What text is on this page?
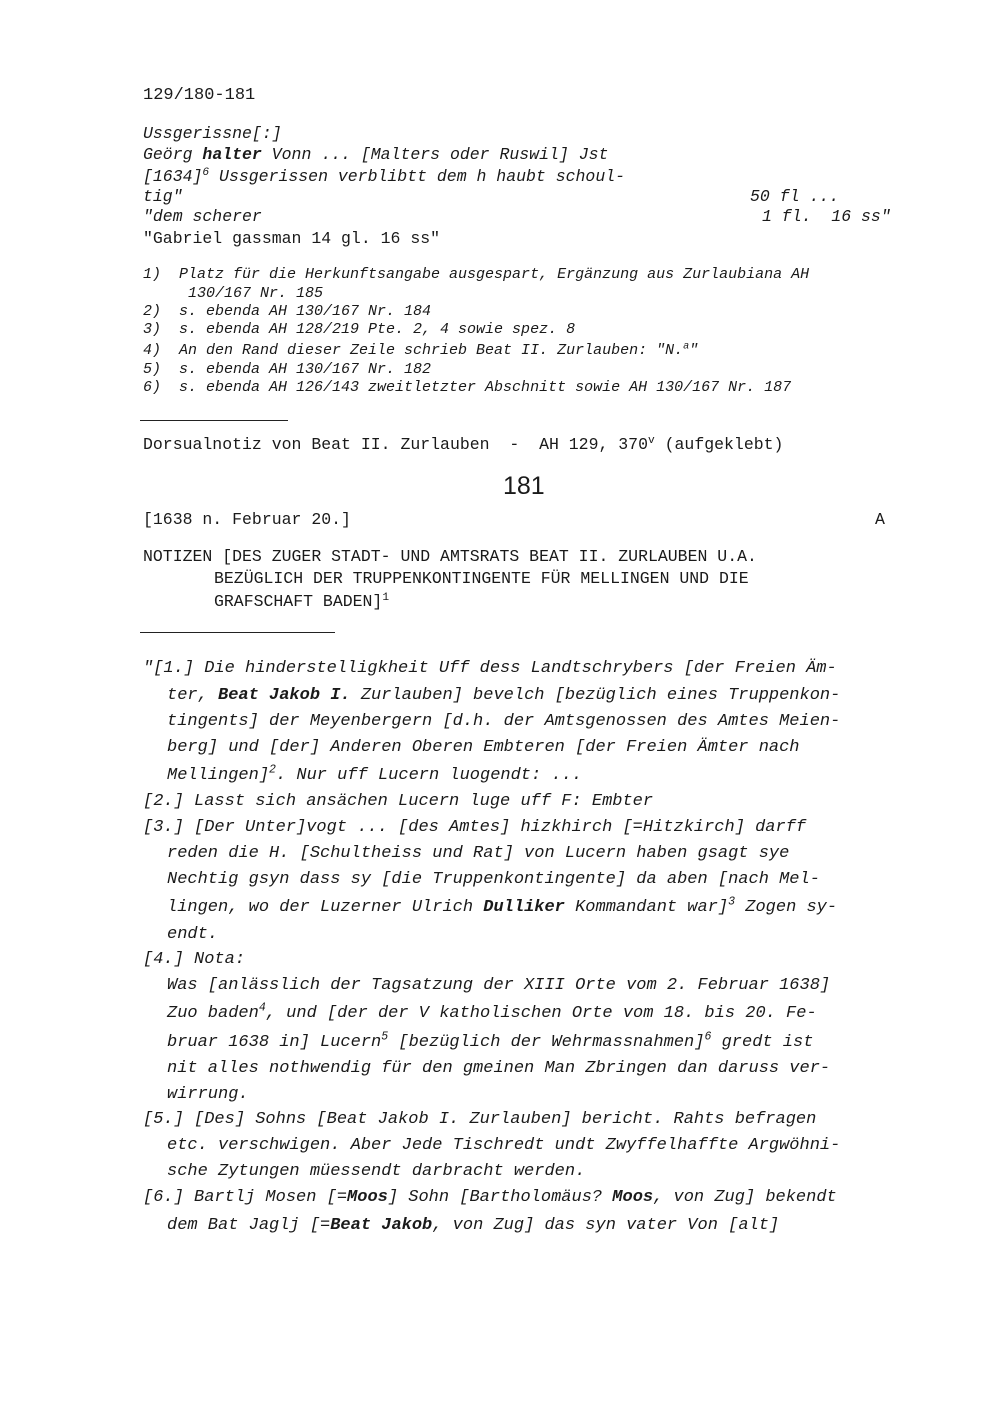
129/180-181
Ussgerissne[:]
Geörg halter Vonn ... [Malters oder Ruswil] Jst
$[1634]^6$ Ussgerissen verblibtt dem h haubt schoul-
tig"	50 fl ...
"dem scherer	1 fl.  16 ss"
"Gabriel gassman 14 gl. 16 ss"
1)  Platz für die Herkunftsangabe ausgespart, Ergänzung aus Zurlaubiana AH
130/167 Nr. 185
2)  s. ebenda AH 130/167 Nr. 184
3)  s. ebenda AH 128/219 Pte. 2, 4 sowie spez. 8
4)  An den Rand dieser Zeile schrieb Beat II. Zurlauben: "N.$^a$"
5)  s. ebenda AH 130/167 Nr. 182
6)  s. ebenda AH 126/143 zweitletzter Abschnitt sowie AH 130/167 Nr. 187
Dorsualnotiz von Beat II. Zurlauben  -  AH 129, 370$^v$ (aufgeklebt)
181
[1638 n. Februar 20.]	A
NOTIZEN [DES ZUGER STADT- UND AMTSRATS BEAT II. ZURLAUBEN U.A.
BEZÜGLICH DER TRUPPENKONTINGENTE FÜR MELLINGEN UND DIE
GRAFSCHAFT BADEN]$^1$
"[1.] Die hinderstelligkheit Uff dess Landtschrybers [der Freien Äm-
ter, Beat Jakob I. Zurlauben] bevelch [bezüglich eines Truppenkon-
tingents] der Meyenbergern [d.h. der Amtsgenossen des Amtes Meien-
berg] und [der] Anderen Oberen Embteren [der Freien Ämter nach
Mellingen]$^2$. Nur uff Lucern luogendt: ...
[2.] Lasst sich ansächen Lucern luge uff F: Embter
[3.] [Der Unter]vogt ... [des Amtes] hizkhirch [=Hitzkirch] darff
reden die H. [Schultheiss und Rat] von Lucern haben gsagt sye
Nechtig gsyn dass sy [die Truppenkontingente] da aben [nach Mel-
lingen, wo der Luzerner Ulrich Dulliker Kommandant war]$^3$ Zogen sy-
endt.
[4.] Nota:
Was [anlässlich der Tagsatzung der XIII Orte vom 2. Februar 1638]
Zuo baden$^4$, und [der der V katholischen Orte vom 18. bis 20. Fe-
bruar 1638 in] Lucern$^5$ [bezüglich der Wehrmassnahmen]$^6$ gredt ist
nit alles nothwendig für den gmeinen Man Zbringen dan daruss ver-
wirrung.
[5.] [Des] Sohns [Beat Jakob I. Zurlauben] bericht. Rahts befragen
etc. verschwigen. Aber Jede Tischredt undt Zwyffelhaffte Argwöhni-
sche Zytungen müessendt darbracht werden.
[6.] Bartlj Mosen [=Moos] Sohn [Bartholomäus? Moos, von Zug] bekendt
dem Bat Jaglj [=Beat Jakob, von Zug] das syn vater Von [alt]
